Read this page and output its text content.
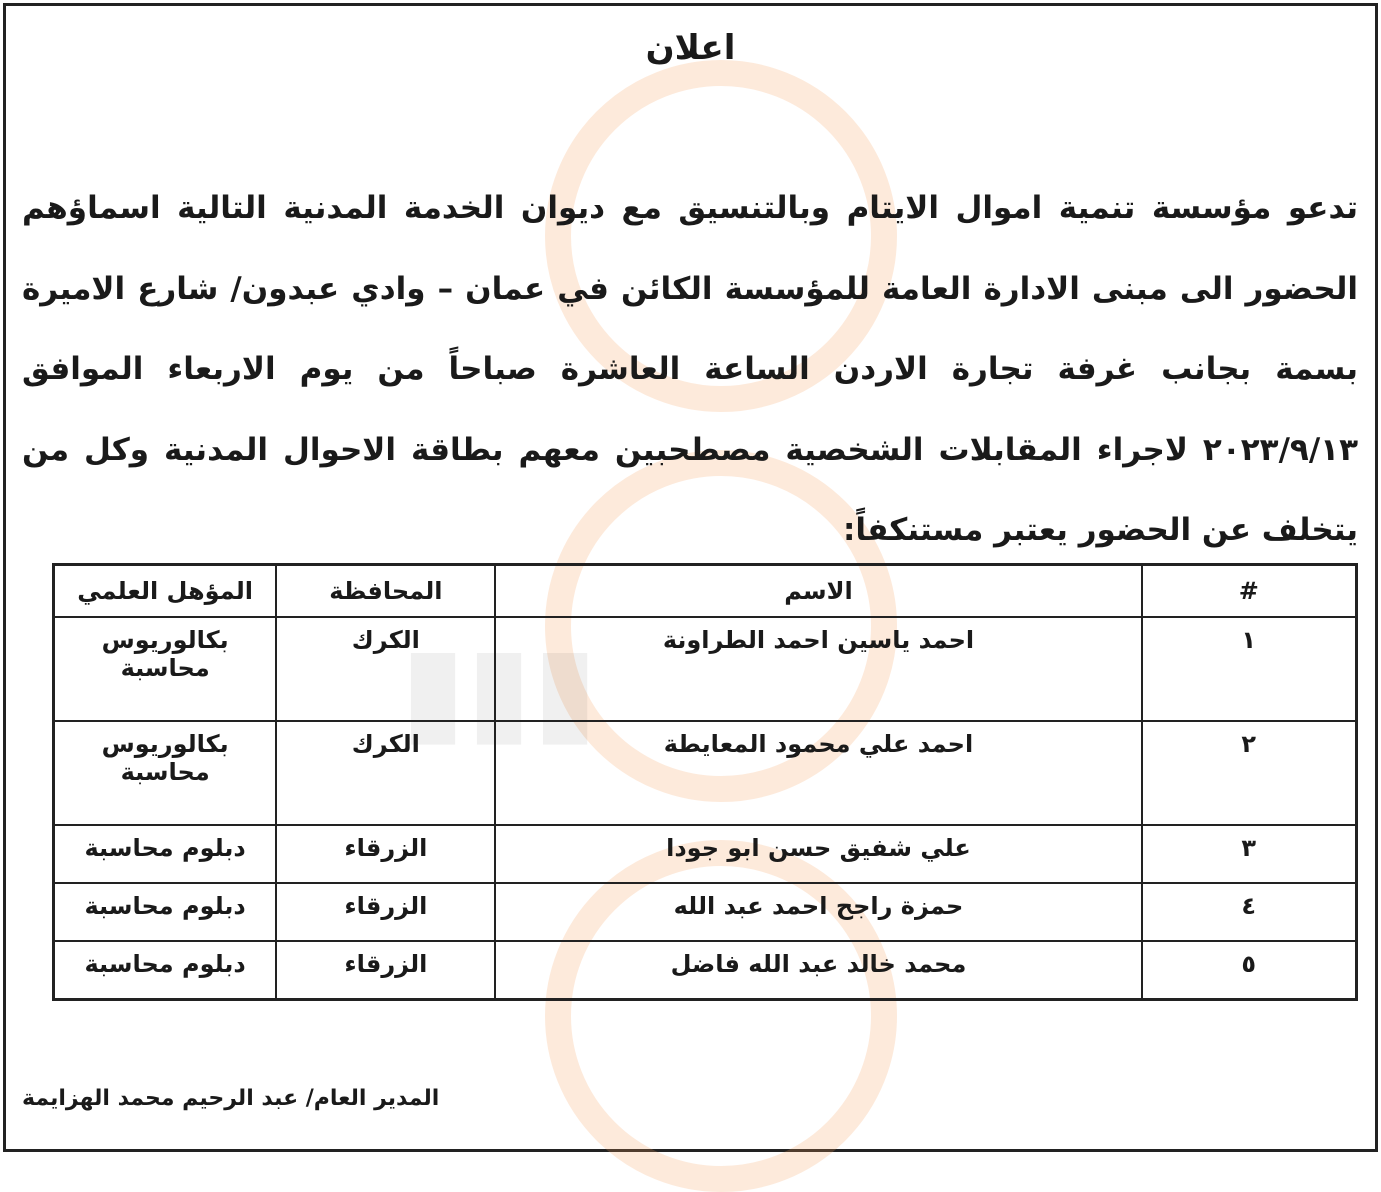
▮▮▮
اعلان

تدعو مؤسسة تنمية اموال الايتام وبالتنسيق مع ديوان الخدمة المدنية التالية اسماؤهم الحضور الى مبنى الادارة العامة للمؤسسة الكائن في عمان – وادي عبدون/ شارع الاميرة بسمة بجانب غرفة تجارة الاردن الساعة العاشرة صباحاً من يوم الاربعاء الموافق ٢٠٢٣/٩/١٣ لاجراء المقابلات الشخصية مصطحبين معهم بطاقة الاحوال المدنية وكل من يتخلف عن الحضور يعتبر مستنكفاً:

#	الاسم	المحافظة	المؤهل العلمي
١	احمد ياسين احمد الطراونة	الكرك	بكالوريوس محاسبة
٢	احمد علي محمود المعايطة	الكرك	بكالوريوس محاسبة
٣	علي شفيق حسن ابو جودا	الزرقاء	دبلوم محاسبة
٤	حمزة راجح احمد عبد الله	الزرقاء	دبلوم محاسبة
٥	محمد خالد عبد الله فاضل	الزرقاء	دبلوم محاسبة
المدير العام/ عبد الرحيم محمد الهزايمة
